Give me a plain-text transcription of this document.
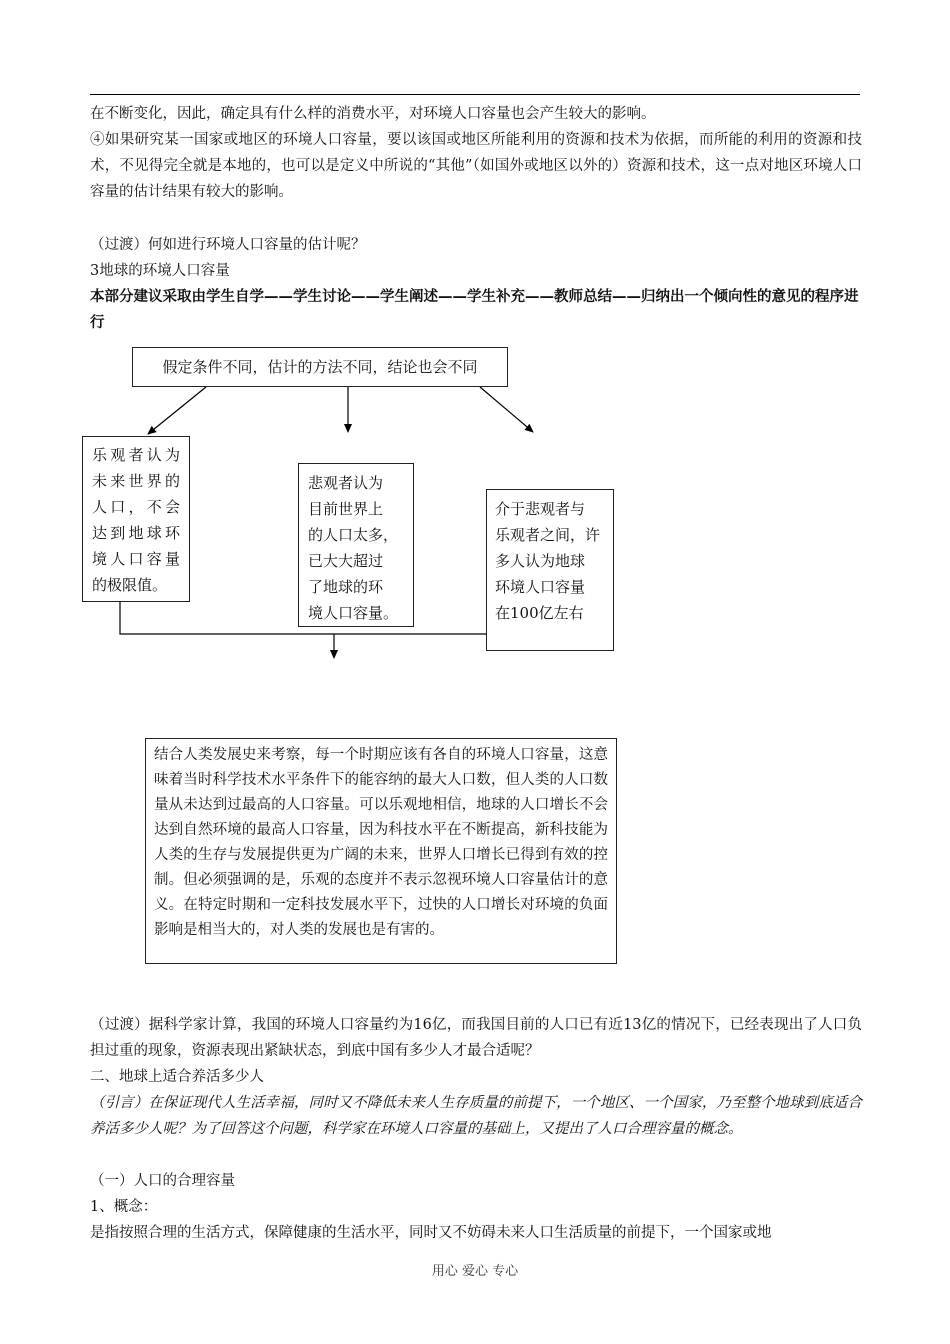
在不断变化，因此，确定具有什么样的消费水平，对环境人口容量也会产生较大的影响。

④如果研究某一国家或地区的环境人口容量，要以该国或地区所能利用的资源和技术为依据，而所能的利用的资源和技术，不见得完全就是本地的，也可以是定义中所说的“其他”（如国外或地区以外的）资源和技术，这一点对地区环境人口容量的估计结果有较大的影响。

（过渡）何如进行环境人口容量的估计呢？

3地球的环境人口容量

本部分建议采取由学生自学——学生讨论——学生阐述——学生补充——教师总结——归纳出一个倾向性的意见的程序进行

假定条件不同，估计的方法不同，结论也会不同
乐观者认为
未来世界的
人口，不会
达到地球环
境人口容量
的极限值。
悲观者认为
目前世界上
的人口太多，
已大大超过
了地球的环
境人口容量。
介于悲观者与
乐观者之间，许
多人认为地球
环境人口容量
在100亿左右
结合人类发展史来考察，每一个时期应该有各自的环境人口容量，这意味着当时科学技术水平条件下的能容纳的最大人口数，但人类的人口数量从未达到过最高的人口容量。可以乐观地相信，地球的人口增长不会达到自然环境的最高人口容量，因为科技水平在不断提高，新科技能为人类的生存与发展提供更为广阔的未来，世界人口增长已得到有效的控制。但必须强调的是，乐观的态度并不表示忽视环境人口容量估计的意义。在特定时期和一定科技发展水平下，过快的人口增长对环境的负面影响是相当大的，对人类的发展也是有害的。

（过渡）据科学家计算，我国的环境人口容量约为16亿，而我国目前的人口已有近13亿的情况下，已经表现出了人口负担过重的现象，资源表现出紧缺状态，到底中国有多少人才最合适呢？

二、地球上适合养活多少人

（引言）在保证现代人生活幸福，同时又不降低未来人生存质量的前提下，一个地区、一个国家，乃至整个地球到底适合养活多少人呢？为了回答这个问题，科学家在环境人口容量的基础上，又提出了人口合理容量的概念。

（一）人口的合理容量

1、概念：

是指按照合理的生活方式，保障健康的生活水平，同时又不妨碍未来人口生活质量的前提下，一个国家或地

用心 爱心 专心
